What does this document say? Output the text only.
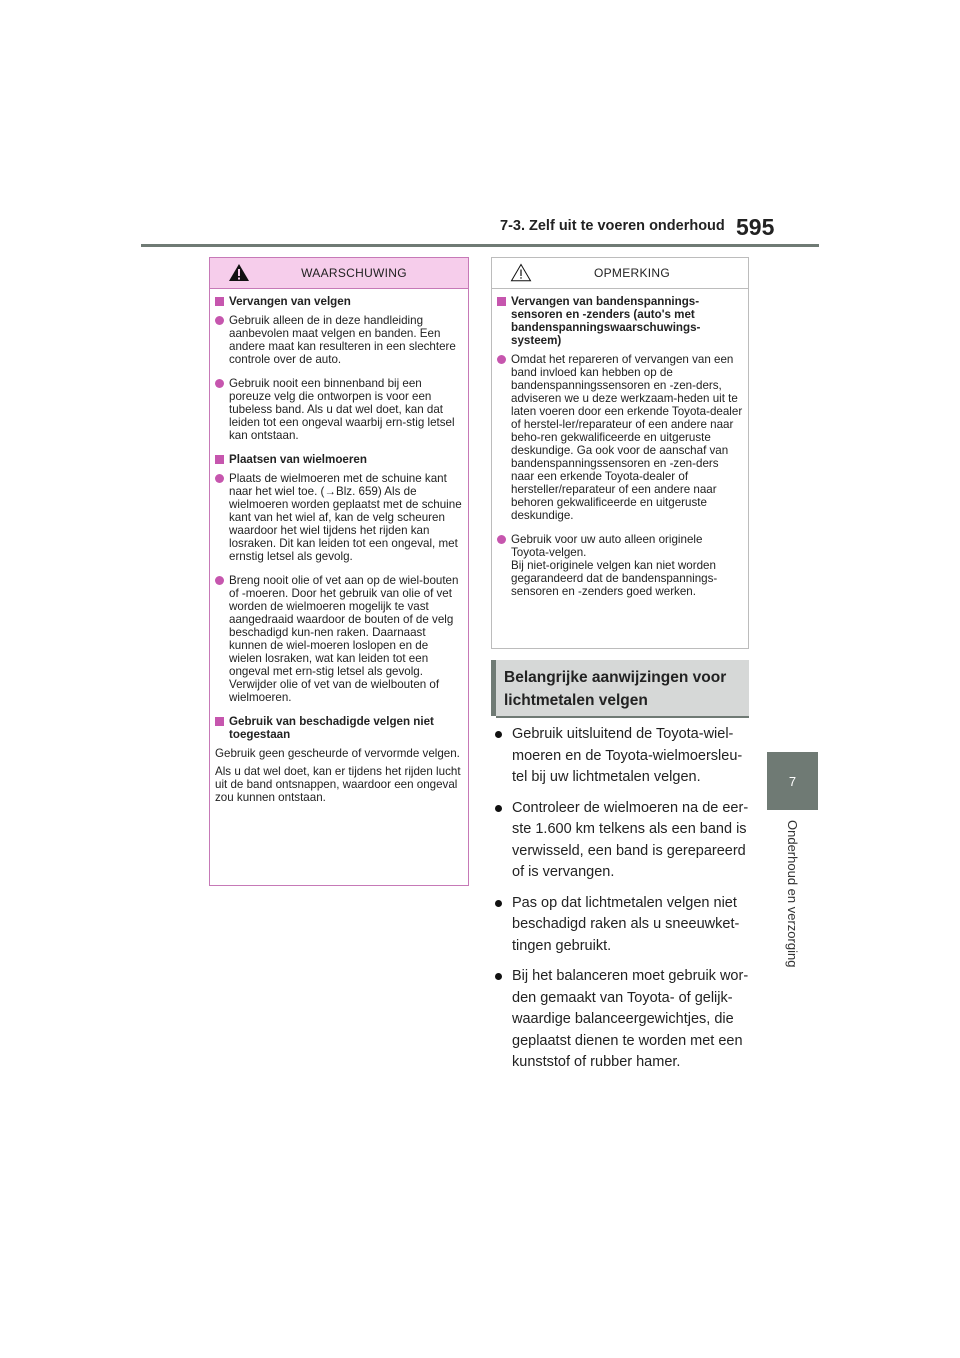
7-3. Zelf uit te voeren onderhoud 595
7
Onderhoud en verzorging
WAARSCHUWING
Vervangen van velgen
Gebruik alleen de in deze handleiding aanbevolen maat velgen en banden. Een andere maat kan resulteren in een slechtere controle over de auto.
Gebruik nooit een binnenband bij een poreuze velg die ontworpen is voor een tubeless band. Als u dat wel doet, kan dat leiden tot een ongeval waarbij ern-stig letsel kan ontstaan.
Plaatsen van wielmoeren
Plaats de wielmoeren met de schuine kant naar het wiel toe. (→Blz. 659) Als de wielmoeren worden geplaatst met de schuine kant van het wiel af, kan de velg scheuren waardoor het wiel tijdens het rijden kan losraken. Dit kan leiden tot een ongeval, met ernstig letsel als gevolg.
Breng nooit olie of vet aan op de wiel-bouten of -moeren. Door het gebruik van olie of vet worden de wielmoeren mogelijk te vast aangedraaid waardoor de bouten of de velg beschadigd kun-nen raken. Daarnaast kunnen de wiel-moeren loslopen en de wielen losraken, wat kan leiden tot een ongeval met ern-stig letsel als gevolg. Verwijder olie of vet van de wielbouten of wielmoeren.
Gebruik van beschadigde velgen niet toegestaan
Gebruik geen gescheurde of vervormde velgen.
Als u dat wel doet, kan er tijdens het rijden lucht uit de band ontsnappen, waardoor een ongeval zou kunnen ontstaan.
OPMERKING
Vervangen van bandenspannings-sensoren en -zenders (auto's met bandenspanningswaarschuwings-systeem)
Omdat het repareren of vervangen van een band invloed kan hebben op de bandenspanningssensoren en -zen-ders, adviseren we u deze werkzaam-heden uit te laten voeren door een erkende Toyota-dealer of herstel-ler/reparateur of een andere naar beho-ren gekwalificeerde en uitgeruste deskundige. Ga ook voor de aanschaf van bandenspanningssensoren en -zen-ders naar een erkende Toyota-dealer of hersteller/reparateur of een andere naar behoren gekwalificeerde en uitgeruste deskundige.
Gebruik voor uw auto alleen originele Toyota-velgen.
Bij niet-originele velgen kan niet worden gegarandeerd dat de bandenspannings-sensoren en -zenders goed werken.
Belangrijke aanwijzingen voor lichtmetalen velgen
Gebruik uitsluitend de Toyota-wiel-moeren en de Toyota-wielmoersleu-tel bij uw lichtmetalen velgen.
Controleer de wielmoeren na de eer-ste 1.600 km telkens als een band is verwisseld, een band is gerepareerd of is vervangen.
Pas op dat lichtmetalen velgen niet beschadigd raken als u sneeuwket-tingen gebruikt.
Bij het balanceren moet gebruik wor-den gemaakt van Toyota- of gelijk-waardige balanceergewichtjes, die geplaatst dienen te worden met een kunststof of rubber hamer.
